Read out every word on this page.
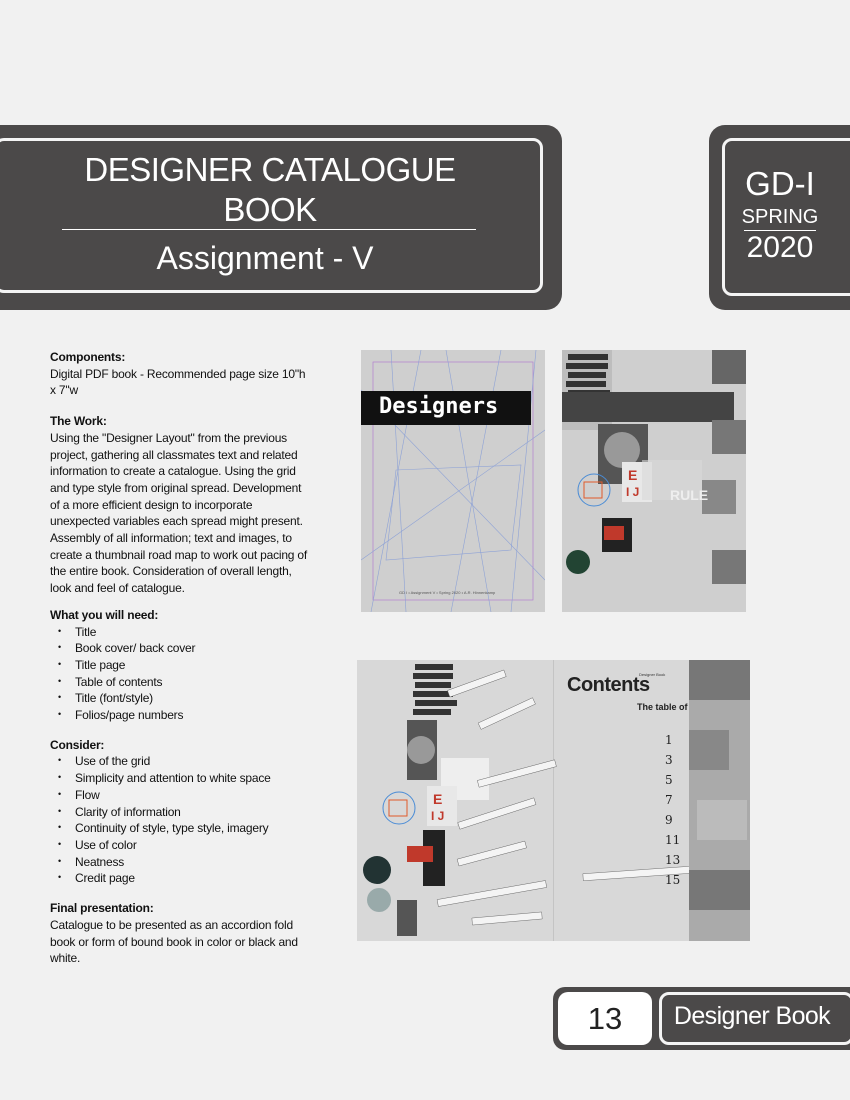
DESIGNER CATALOGUE
BOOK
Assignment - V
GD-I
SPRING
2020
Components:

Digital PDF book - Recommended page size 10"h x 7"w

The Work:

Using the "Designer Layout" from the previous project, gathering all classmates text and related information to create a catalogue. Using the grid and type style from original spread. Development of a more efficient design to incorporate unexpected variables each spread might present. Assembly of all information; text and images, to create a thumbnail road map to work out pacing of the entire book. Consideration of overall length, look and feel of catalogue.

What you will need:
• Title
• Book cover/ back cover
• Title page
• Table of contents
• Title (font/style)
• Folios/page numbers
Consider:
• Use of the grid
• Simplicity and attention to white space
• Flow
• Clarity of information
• Continuity of style, type style, imagery
• Use of color
• Neatness
• Credit page
Final presentation:

Catalogue to be presented as an accordion fold book or form of bound book in color or black and white.

Designers
GD I • Assignment V • Spring 2020 • A.R. Hinnenkamp
E
I J RULE
E
I J
Designer Book
Contents
The table of
1
3
5
7
9
11
13
15
13	Designer Book
